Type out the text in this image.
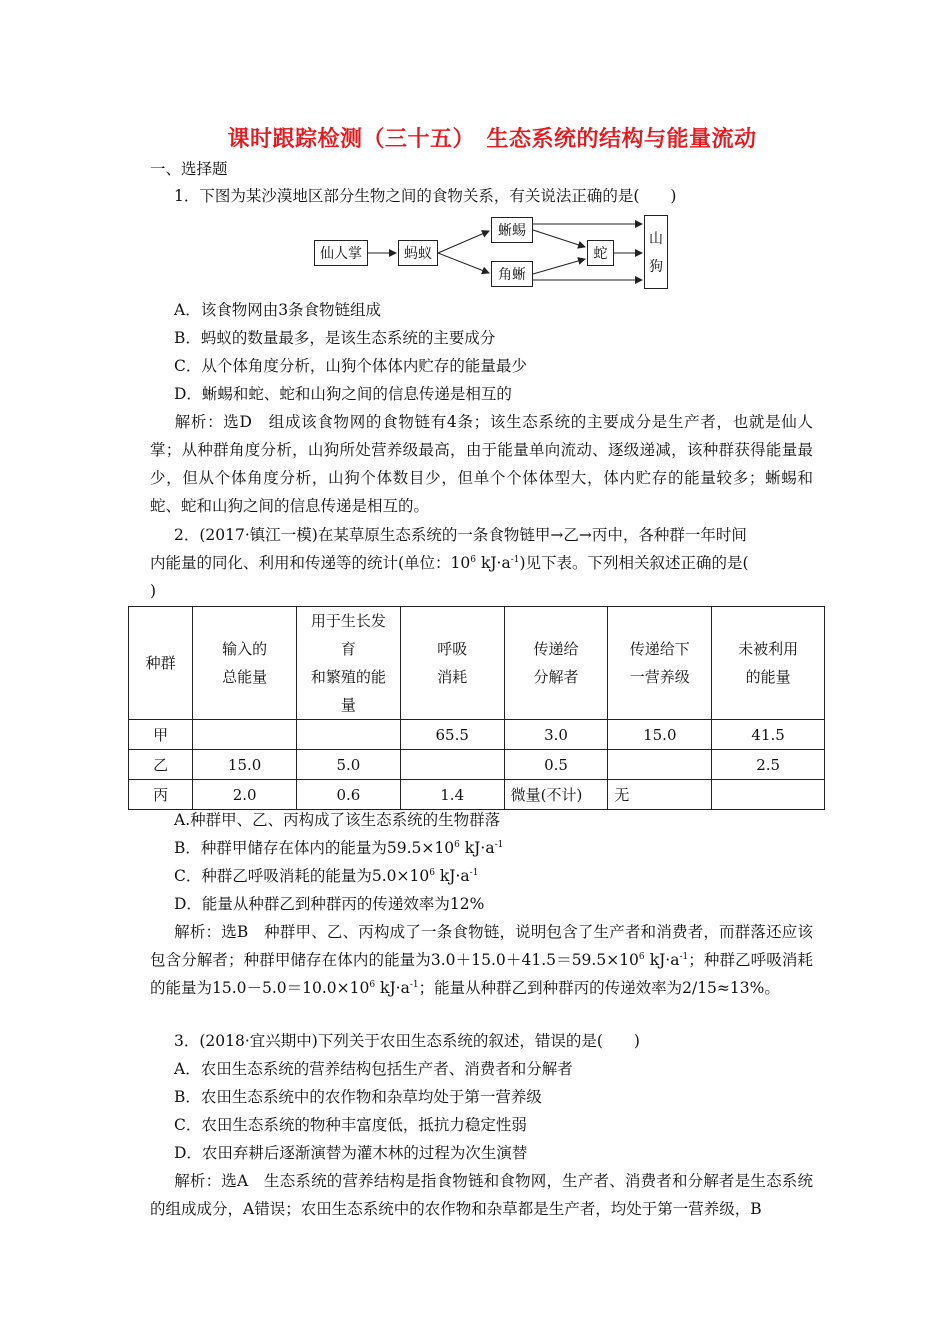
课时跟踪检测（三十五）　生态系统的结构与能量流动
一、选择题
1．下图为某沙漠地区部分生物之间的食物关系，有关说法正确的是(　　)
仙人掌	蚂蚁
蜥蜴
角蜥
蛇
山
狗
A．该食物网由3条食物链组成
B．蚂蚁的数量最多，是该生态系统的主要成分
C．从个体角度分析，山狗个体体内贮存的能量最少
D．蜥蜴和蛇、蛇和山狗之间的信息传递是相互的
解析：选D　组成该食物网的食物链有4条；该生态系统的主要成分是生产者，也就是仙人掌；从种群角度分析，山狗所处营养级最高，由于能量单向流动、逐级递减，该种群获得能量最少，但从个体角度分析，山狗个体数目少，但单个个体体型大，体内贮存的能量较多；蜥蜴和蛇、蛇和山狗之间的信息传递是相互的。
2．(2017·镇江一模)在某草原生态系统的一条食物链甲→乙→丙中，各种群一年时间
内能量的同化、利用和传递等的统计(单位：$10^6$ $kJ\cdot a^{-1}$)见下表。下列相关叙述正确的是(
)
种群	输入的
总能量	用于生长发
育
和繁殖的能
量	呼吸
消耗	传递给
分解者	传递给下
一营养级	未被利用
的能量
甲			65.5	3.0	15.0	41.5
乙	15.0	5.0		0.5		2.5
丙	2.0	0.6	1.4	微量(不计)	无	
A.种群甲、乙、丙构成了该生态系统的生物群落
B．种群甲储存在体内的能量为$59.5\times 10^6$ $kJ\cdot a^{-1}$
C．种群乙呼吸消耗的能量为$5.0\times 10^6$ $kJ\cdot a^{-1}$
D．能量从种群乙到种群丙的传递效率为12%
解析：选B　种群甲、乙、丙构成了一条食物链，说明包含了生产者和消费者，而群落还应该包含分解者；种群甲储存在体内的能量为$3.0+15.0+41.5=59.5\times 10^6$ $kJ\cdot a^{-1}$；种群乙呼吸消耗的能量为$15.0-5.0=10.0\times 10^6$ $kJ\cdot a^{-1}$；能量从种群乙到种群丙的传递效率为2/15≈13%。
3．(2018·宜兴期中)下列关于农田生态系统的叙述，错误的是(　　)
A．农田生态系统的营养结构包括生产者、消费者和分解者
B．农田生态系统中的农作物和杂草均处于第一营养级
C．农田生态系统的物种丰富度低，抵抗力稳定性弱
D．农田弃耕后逐渐演替为灌木林的过程为次生演替
解析：选A　生态系统的营养结构是指食物链和食物网，生产者、消费者和分解者是生态系统的组成成分，A错误；农田生态系统中的农作物和杂草都是生产者，均处于第一营养级，B
